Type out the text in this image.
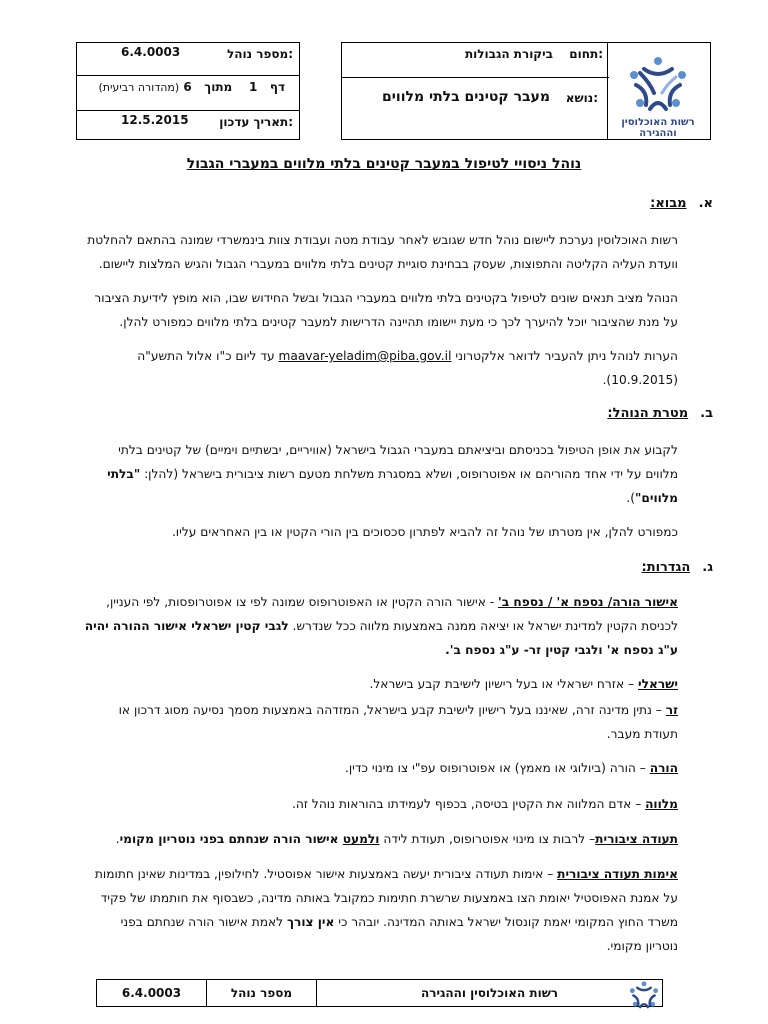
מספר נוהל:
6.4.0003
דף   1    מתוך   6 (מהדורה רביעית)
תאריך עדכון:
12.5.2015
תחום:
ביקורת הגבולות
נושא:
מעבר קטינים בלתי מלווים
רשות האוכלוסין
וההגירה
נוהל ניסויי לטיפול במעבר קטינים בלתי מלווים במעברי הגבול
א.מבוא:
רשות האוכלוסין נערכת ליישום נוהל חדש שגובש לאחר עבודת מטה ועבודת צוות בינמשרדי שמונה בהתאם להחלטת
וועדת העליה הקליטה והתפוצות, שעסק בבחינת סוגיית קטינים בלתי מלווים במעברי הגבול והגיש המלצות ליישום.
הנוהל מציב תנאים שונים לטיפול בקטינים בלתי מלווים במעברי הגבול ובשל החידוש שבו, הוא מופץ לידיעת הציבור
על מנת שהציבור יוכל להיערך לכך כי מעת יישומו תהיינה הדרישות למעבר קטינים בלתי מלווים כמפורט להלן.
הערות לנוהל ניתן להעביר לדואר אלקטרוני maavar-yeladim@piba.gov.il עד ליום כ"ו אלול התשע"ה
(10.9.2015).
ב.מטרת הנוהל:
לקבוע את אופן הטיפול בכניסתם וביציאתם במעברי הגבול בישראל (אוויריים, יבשתיים וימיים) של קטינים בלתי
מלווים על ידי אחד מהוריהם או אפוטרופוס, ושלא במסגרת משלחת מטעם רשות ציבורית בישראל (להלן: "בלתי
מלווים").
כמפורט להלן, אין מטרתו של נוהל זה להביא לפתרון סכסוכים בין הורי הקטין או בין האחראים עליו.
ג.הגדרות:
אישור הורה/ נספח א' / נספח ב' - אישור הורה הקטין או האפוטרופוס שמונה לפי צו אפוטרופסות, לפי העניין,
לכניסת הקטין למדינת ישראל או יציאה ממנה באמצעות מלווה ככל שנדרש. לגבי קטין ישראלי אישור ההורה יהיה
ע"ג נספח א' ולגבי קטין זר- ע"ג נספח ב'.
ישראלי – אזרח ישראלי או בעל רישיון לישיבת קבע בישראל.
זר – נתין מדינה זרה, שאיננו בעל רישיון לישיבת קבע בישראל, המזדהה באמצעות מסמך נסיעה מסוג דרכון או
תעודת מעבר.
הורה – הורה (ביולוגי או מאמץ) או אפוטרופוס עפ"י צו מינוי כדין.
מלווה – אדם המלווה את הקטין בטיסה, בכפוף לעמידתו בהוראות נוהל זה.
תעודה ציבורית– לרבות צו מינוי אפוטרופוס, תעודת לידה ולמעט אישור הורה שנחתם בפני נוטריון מקומי.
אימות תעודה ציבורית – אימות תעודה ציבורית יעשה באמצעות אישור אפוסטיל. לחילופין, במדינות שאינן חתומות
על אמנת האפוסטיל יאומת הצו באמצעות שרשרת חתימות כמקובל באותה מדינה, כשבסוף את חותמתו של פקיד
משרד החוץ המקומי יאמת קונסול ישראל באותה המדינה. יובהר כי אין צורך לאמת אישור הורה שנחתם בפני
נוטריון מקומי.
6.4.0003	מספר נוהל	רשות האוכלוסין וההגירה
